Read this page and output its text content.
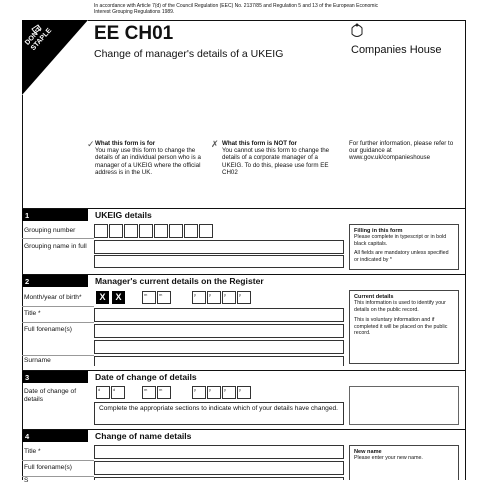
In accordance with Article 7(d) of the Council Regulation (EEC) No. 2137/85 and Regulation 5 and 13 of the European Economic Interest Grouping Regulations 1989.
DON'T STAPLE	EE CH01
Change of manager's details of a UKEIG	Companies House
✓ What this form is for
You may use this form to change the details of an individual person who is a manager of a UKEIG where the official address is in the UK.
✗ What this form is NOT for
You cannot use this form to change the details of a corporate manager of a UKEIG. To do this, please use form EE CH02
For further information, please refer to our guidance at www.gov.uk/companieshouse
1	UKEIG details
Grouping number
Grouping name in full
Filling in this form
Please complete in typescript or in bold black capitals.
All fields are mandatory unless specified or indicated by *
2	Manager's current details on the Register
Month/year of birth*	X	X	m	m	y	y	y	y
Title *
Full forename(s)
Surname
Current details
This information is used to identify your details on the public record.
This is voluntary information and if completed it will be placed on the public record.
3	Date of change of details
Date of change of details
d	d	m	m	y	y	y	y
Complete the appropriate sections to indicate which of your details have changed.
4	Change of name details
Title *
Full forename(s)
S
New name
Please enter your new name.
